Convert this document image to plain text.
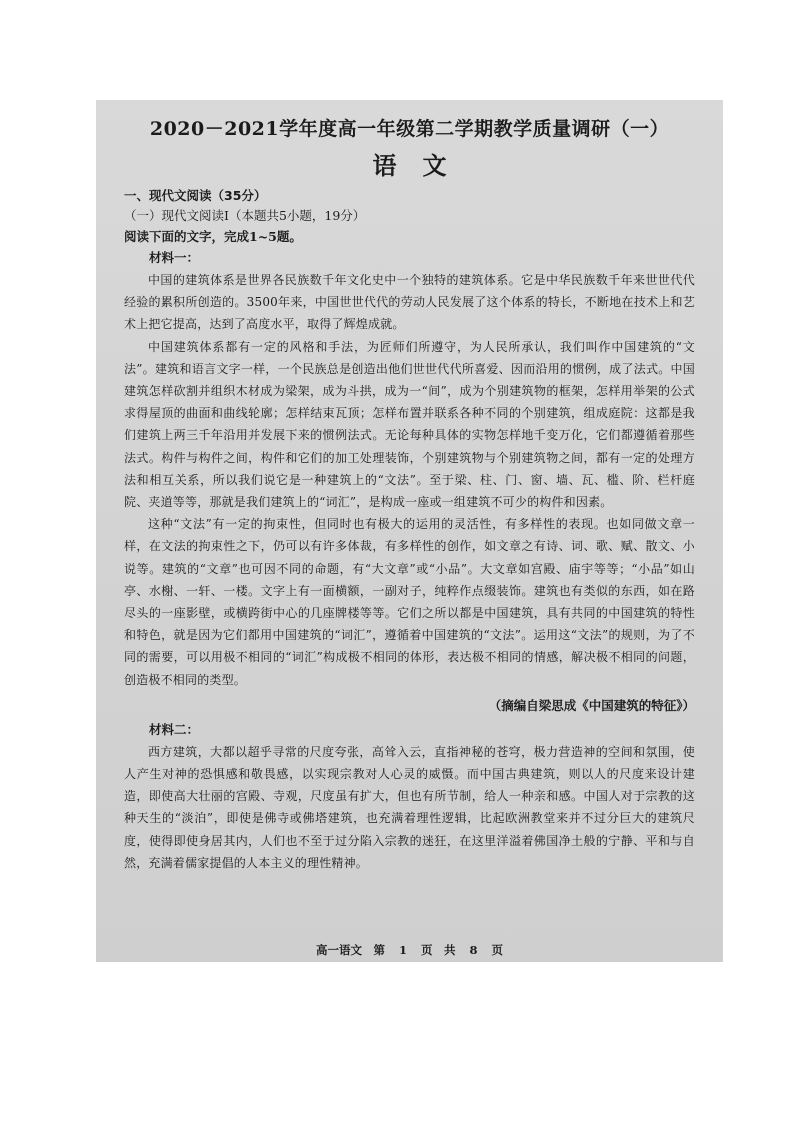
2020－2021学年度高一年级第二学期教学质量调研（一）
语文

一、现代文阅读（35分）

（一）现代文阅读Ⅰ（本题共5小题，19分）

阅读下面的文字，完成1~5题。

材料一：

中国的建筑体系是世界各民族数千年文化史中一个独特的建筑体系。它是中华民族数千年来世世代代经验的累积所创造的。3500年来，中国世世代代的劳动人民发展了这个体系的特长，不断地在技术上和艺术上把它提高，达到了高度水平，取得了辉煌成就。

中国建筑体系都有一定的风格和手法，为匠师们所遵守，为人民所承认，我们叫作中国建筑的“文法”。建筑和语言文字一样，一个民族总是创造出他们世世代代所喜爱、因而沿用的惯例，成了法式。中国建筑怎样砍割并组织木材成为梁架，成为斗拱，成为一“间”，成为个别建筑物的框架，怎样用举架的公式求得屋顶的曲面和曲线轮廓；怎样结束瓦顶；怎样布置并联系各种不同的个别建筑，组成庭院：这都是我们建筑上两三千年沿用并发展下来的惯例法式。无论每种具体的实物怎样地千变万化，它们都遵循着那些法式。构件与构件之间，构件和它们的加工处理装饰，个别建筑物与个别建筑物之间，都有一定的处理方法和相互关系，所以我们说它是一种建筑上的“文法”。至于梁、柱、门、窗、墙、瓦、槛、阶、栏杆庭院、夹道等等，那就是我们建筑上的“词汇”，是构成一座或一组建筑不可少的构件和因素。

这种“文法”有一定的拘束性，但同时也有极大的运用的灵活性，有多样性的表现。也如同做文章一样，在文法的拘束性之下，仍可以有许多体裁，有多样性的创作，如文章之有诗、词、歌、赋、散文、小说等。建筑的“文章”也可因不同的命题，有“大文章”或“小品”。大文章如宫殿、庙宇等等；“小品”如山亭、水榭、一轩、一楼。文字上有一面横额，一副对子，纯粹作点缀装饰。建筑也有类似的东西，如在路尽头的一座影壁，或横跨街中心的几座牌楼等等。它们之所以都是中国建筑，具有共同的中国建筑的特性和特色，就是因为它们都用中国建筑的“词汇”，遵循着中国建筑的“文法”。运用这“文法”的规则，为了不同的需要，可以用极不相同的“词汇”构成极不相同的体形，表达极不相同的情感，解决极不相同的问题，创造极不相同的类型。

（摘编自梁思成《中国建筑的特征》）

材料二：

西方建筑，大都以超乎寻常的尺度夸张，高耸入云，直指神秘的苍穹，极力营造神的空间和氛围，使人产生对神的恐惧感和敬畏感，以实现宗教对人心灵的威慑。而中国古典建筑，则以人的尺度来设计建造，即使高大壮丽的宫殿、寺观，尺度虽有扩大，但也有所节制，给人一种亲和感。中国人对于宗教的这种天生的“淡泊”，即使是佛寺或佛塔建筑，也充满着理性逻辑，比起欧洲教堂来并不过分巨大的建筑尺度，使得即使身居其内，人们也不至于过分陷入宗教的迷狂，在这里洋溢着佛国净土般的宁静、平和与自然，充满着儒家提倡的人本主义的理性精神。

高一语文　第 1 页　共 8 页
